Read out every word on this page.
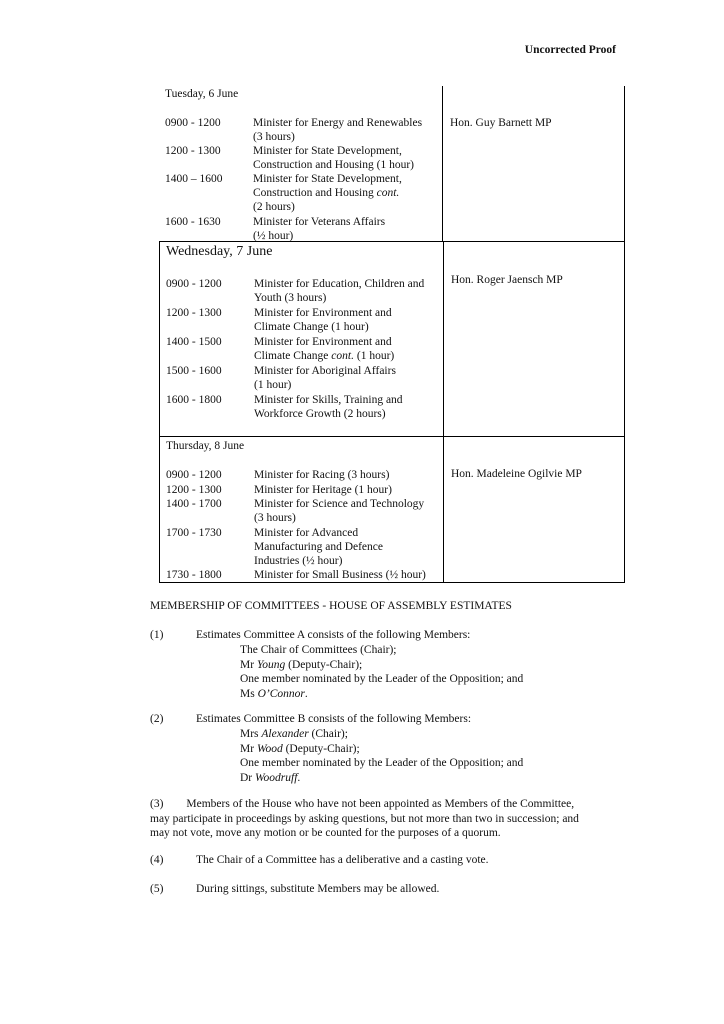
Uncorrected Proof
Tuesday, 6 June
Hon. Guy Barnett MP
0900 - 1200	Minister for Energy and Renewables
(3 hours)
1200 - 1300	Minister for State Development,
Construction and Housing (1 hour)
1400 – 1600	Minister for State Development,
Construction and Housing cont.
(2 hours)
1600 - 1630	Minister for Veterans Affairs
(½ hour)
Wednesday, 7 June
Hon. Roger Jaensch MP
0900 - 1200	Minister for Education, Children and
Youth (3 hours)
1200 - 1300	Minister for Environment and
Climate Change (1 hour)
1400 - 1500	Minister for Environment and
Climate Change cont. (1 hour)
1500 - 1600	Minister for Aboriginal Affairs
(1 hour)
1600 - 1800	Minister for Skills, Training and
Workforce Growth (2 hours)
Thursday, 8 June
Hon. Madeleine Ogilvie MP
0900 - 1200	Minister for Racing (3 hours)
1200 - 1300	Minister for Heritage (1 hour)
1400 - 1700	Minister for Science and Technology
(3 hours)
1700 - 1730	Minister for Advanced
Manufacturing and Defence
Industries (½ hour)
1730 - 1800	Minister for Small Business (½ hour)
MEMBERSHIP OF COMMITTEES - HOUSE OF ASSEMBLY ESTIMATES
(1)	Estimates Committee A consists of the following Members:
The Chair of Committees (Chair);
Mr Young (Deputy-Chair);
One member nominated by the Leader of the Opposition; and
Ms O’Connor.
(2)	Estimates Committee B consists of the following Members:
Mrs Alexander (Chair);
Mr Wood (Deputy-Chair);
One member nominated by the Leader of the Opposition; and
Dr Woodruff.
(3)        Members of the House who have not been appointed as Members of the Committee,
may participate in proceedings by asking questions, but not more than two in succession; and
may not vote, move any motion or be counted for the purposes of a quorum.
(4)	The Chair of a Committee has a deliberative and a casting vote.
(5)	During sittings, substitute Members may be allowed.
